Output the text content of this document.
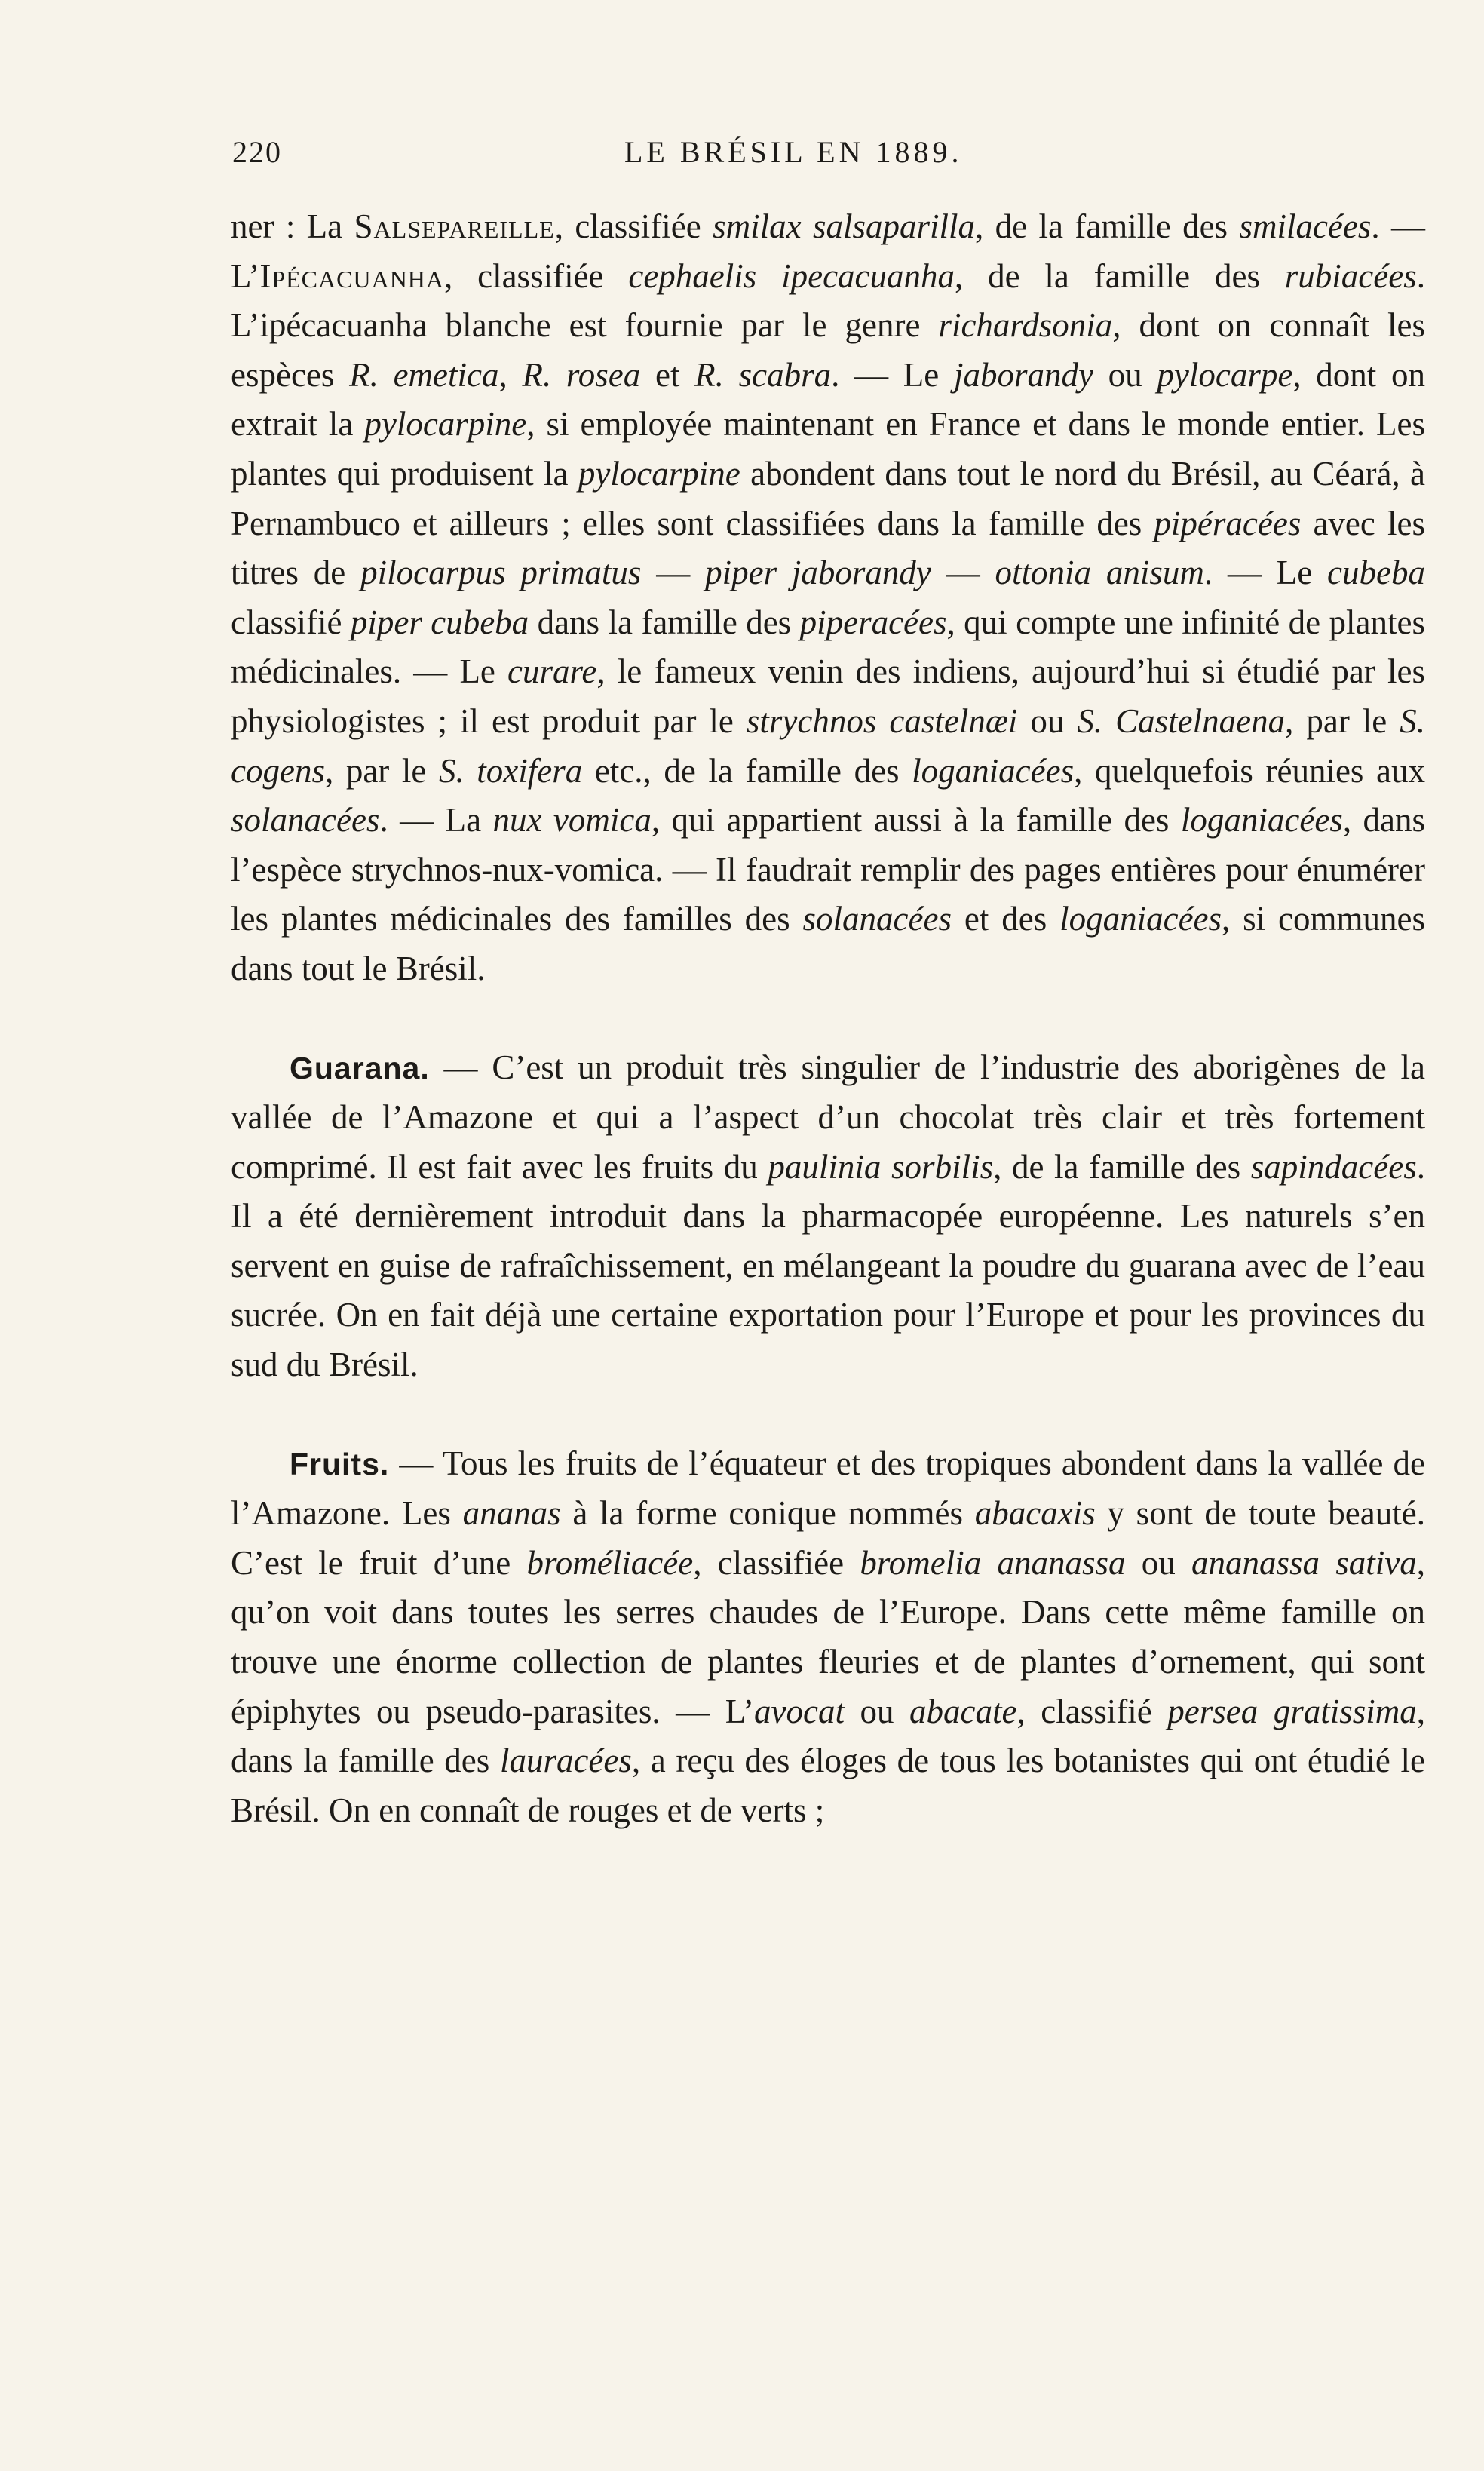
220	LE BRÉSIL EN 1889.

ner : La Salsepareille, classifiée smilax salsaparilla, de la famille des smilacées. — L’Ipécacuanha, classifiée cephaelis ipecacuanha, de la famille des rubiacées. L’ipécacuanha blanche est fournie par le genre richardsonia, dont on connaît les espèces R. emetica, R. rosea et R. scabra. — Le jaborandy ou pylocarpe, dont on extrait la pylocarpine, si employée maintenant en France et dans le monde entier. Les plantes qui produisent la pylocarpine abondent dans tout le nord du Brésil, au Céará, à Pernambuco et ailleurs ; elles sont classifiées dans la famille des pipéracées avec les titres de pilocarpus primatus — piper jaborandy — ottonia anisum. — Le cubeba classifié piper cubeba dans la famille des piperacées, qui compte une infinité de plantes médicinales. — Le curare, le fameux venin des indiens, aujourd’hui si étudié par les physiologistes ; il est produit par le strychnos castelnæi ou S. Castelnaena, par le S. cogens, par le S. toxifera etc., de la famille des loganiacées, quelquefois réunies aux solanacées. — La nux vomica, qui appartient aussi à la famille des loganiacées, dans l’espèce strychnos-nux-vomica. — Il faudrait remplir des pages entières pour énumérer les plantes médicinales des familles des solanacées et des loganiacées, si communes dans tout le Brésil.

Guarana. — C’est un produit très singulier de l’industrie des aborigènes de la vallée de l’Amazone et qui a l’aspect d’un chocolat très clair et très fortement comprimé. Il est fait avec les fruits du paulinia sorbilis, de la famille des sapindacées. Il a été dernièrement introduit dans la pharmacopée européenne. Les naturels s’en servent en guise de rafraîchissement, en mélangeant la poudre du guarana avec de l’eau sucrée. On en fait déjà une certaine exportation pour l’Europe et pour les provinces du sud du Brésil.

Fruits. — Tous les fruits de l’équateur et des tropiques abondent dans la vallée de l’Amazone. Les ananas à la forme conique nommés abacaxis y sont de toute beauté. C’est le fruit d’une broméliacée, classifiée bromelia ananassa ou ananassa sativa, qu’on voit dans toutes les serres chaudes de l’Europe. Dans cette même famille on trouve une énorme collection de plantes fleuries et de plantes d’ornement, qui sont épiphytes ou pseudo-parasites. — L’avocat ou abacate, classifié persea gratissima, dans la famille des lauracées, a reçu des éloges de tous les botanistes qui ont étudié le Brésil. On en connaît de rouges et de verts ;
